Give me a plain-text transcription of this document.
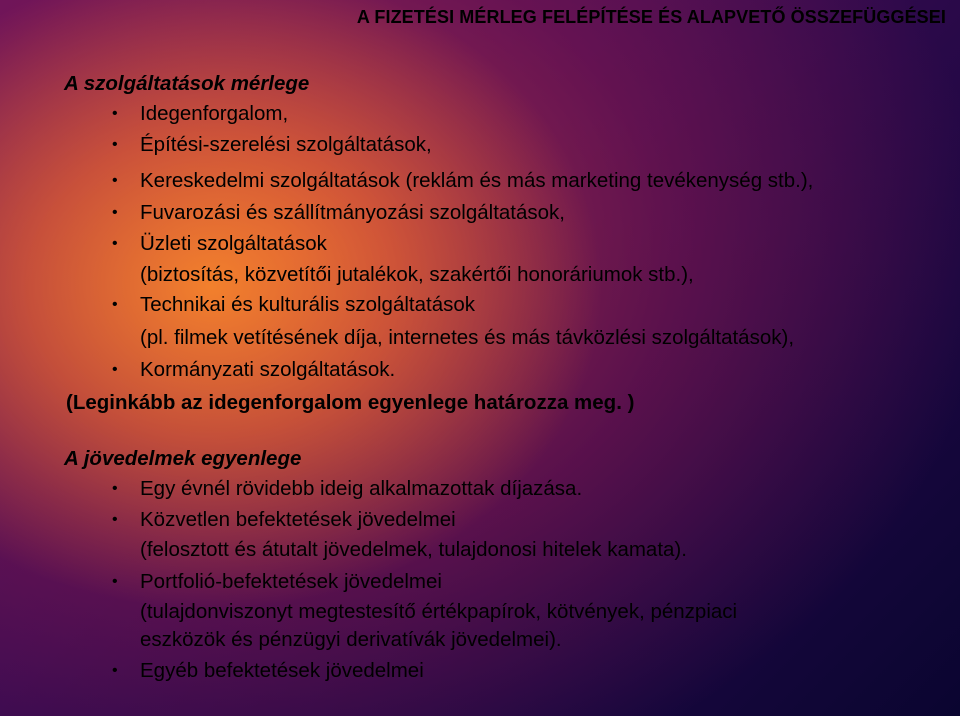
A FIZETÉSI MÉRLEG FELÉPÍTÉSE ÉS ALAPVETŐ ÖSSZEFÜGGÉSEI
A szolgáltatások mérlege
• Idegenforgalom,
• Építési-szerelési szolgáltatások,
• Kereskedelmi szolgáltatások (reklám és más marketing tevékenység stb.),
• Fuvarozási és szállítmányozási szolgáltatások,
• Üzleti szolgáltatások
(biztosítás, közvetítői jutalékok, szakértői honoráriumok stb.),
• Technikai és kulturális szolgáltatások
(pl. filmek vetítésének díja, internetes és más távközlési szolgáltatások),
• Kormányzati szolgáltatások.
(Leginkább az idegenforgalom egyenlege határozza meg. )
A jövedelmek egyenlege
• Egy évnél rövidebb ideig alkalmazottak díjazása.
• Közvetlen befektetések jövedelmei
(felosztott és átutalt jövedelmek, tulajdonosi hitelek kamata).
• Portfolió-befektetések jövedelmei
(tulajdonviszonyt megtestesítő értékpapírok, kötvények, pénzpiaci
eszközök és pénzügyi derivatívák jövedelmei).
• Egyéb befektetések jövedelmei
